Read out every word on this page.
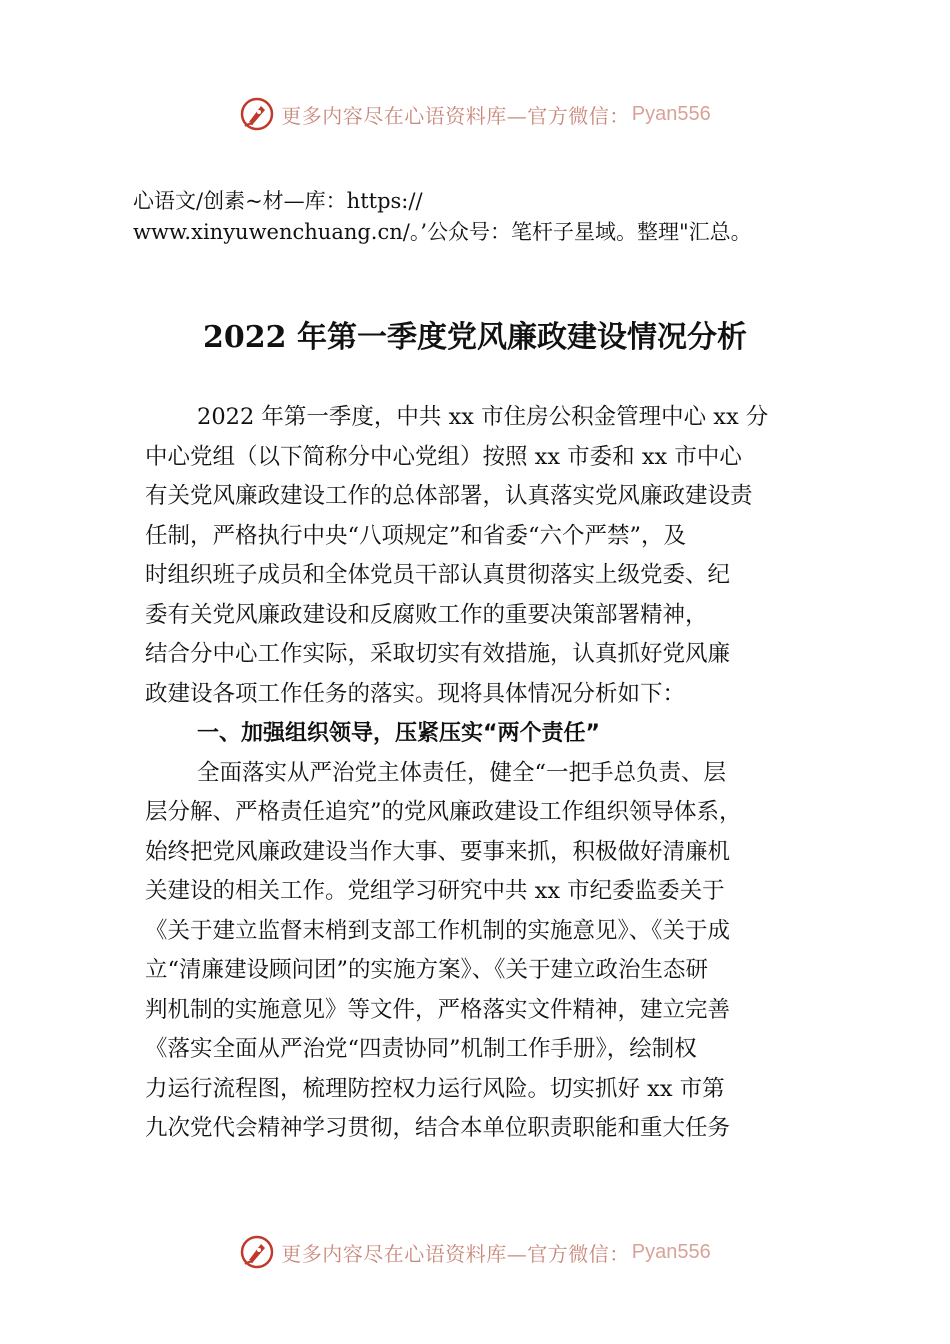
更多内容尽在心语资料库—官方微信： Pyan556
心语文/创素~材—库：https://
www.xinyuwenchuang.cn/。’公众号：笔杆子星域。整理"汇总。
2022 年第一季度党风廉政建设情况分析
2022 年第一季度，中共 xx 市住房公积金管理中心 xx 分
中心党组（以下简称分中心党组）按照 xx 市委和 xx 市中心
有关党风廉政建设工作的总体部署，认真落实党风廉政建设责
任制，严格执行中央“八项规定”和省委“六个严禁”，及
时组织班子成员和全体党员干部认真贯彻落实上级党委、纪
委有关党风廉政建设和反腐败工作的重要决策部署精神，
结合分中心工作实际，采取切实有效措施，认真抓好党风廉
政建设各项工作任务的落实。现将具体情况分析如下：
一、加强组织领导，压紧压实“两个责任”
全面落实从严治党主体责任，健全“一把手总负责、层
层分解、严格责任追究”的党风廉政建设工作组织领导体系，
始终把党风廉政建设当作大事、要事来抓，积极做好清廉机
关建设的相关工作。党组学习研究中共 xx 市纪委监委关于
《关于建立监督末梢到支部工作机制的实施意见》、《关于成
立“清廉建设顾问团”的实施方案》、《关于建立政治生态研
判机制的实施意见》等文件，严格落实文件精神，建立完善
《落实全面从严治党“四责协同”机制工作手册》，绘制权
力运行流程图，梳理防控权力运行风险。切实抓好 xx 市第
九次党代会精神学习贯彻，结合本单位职责职能和重大任务
更多内容尽在心语资料库—官方微信： Pyan556
